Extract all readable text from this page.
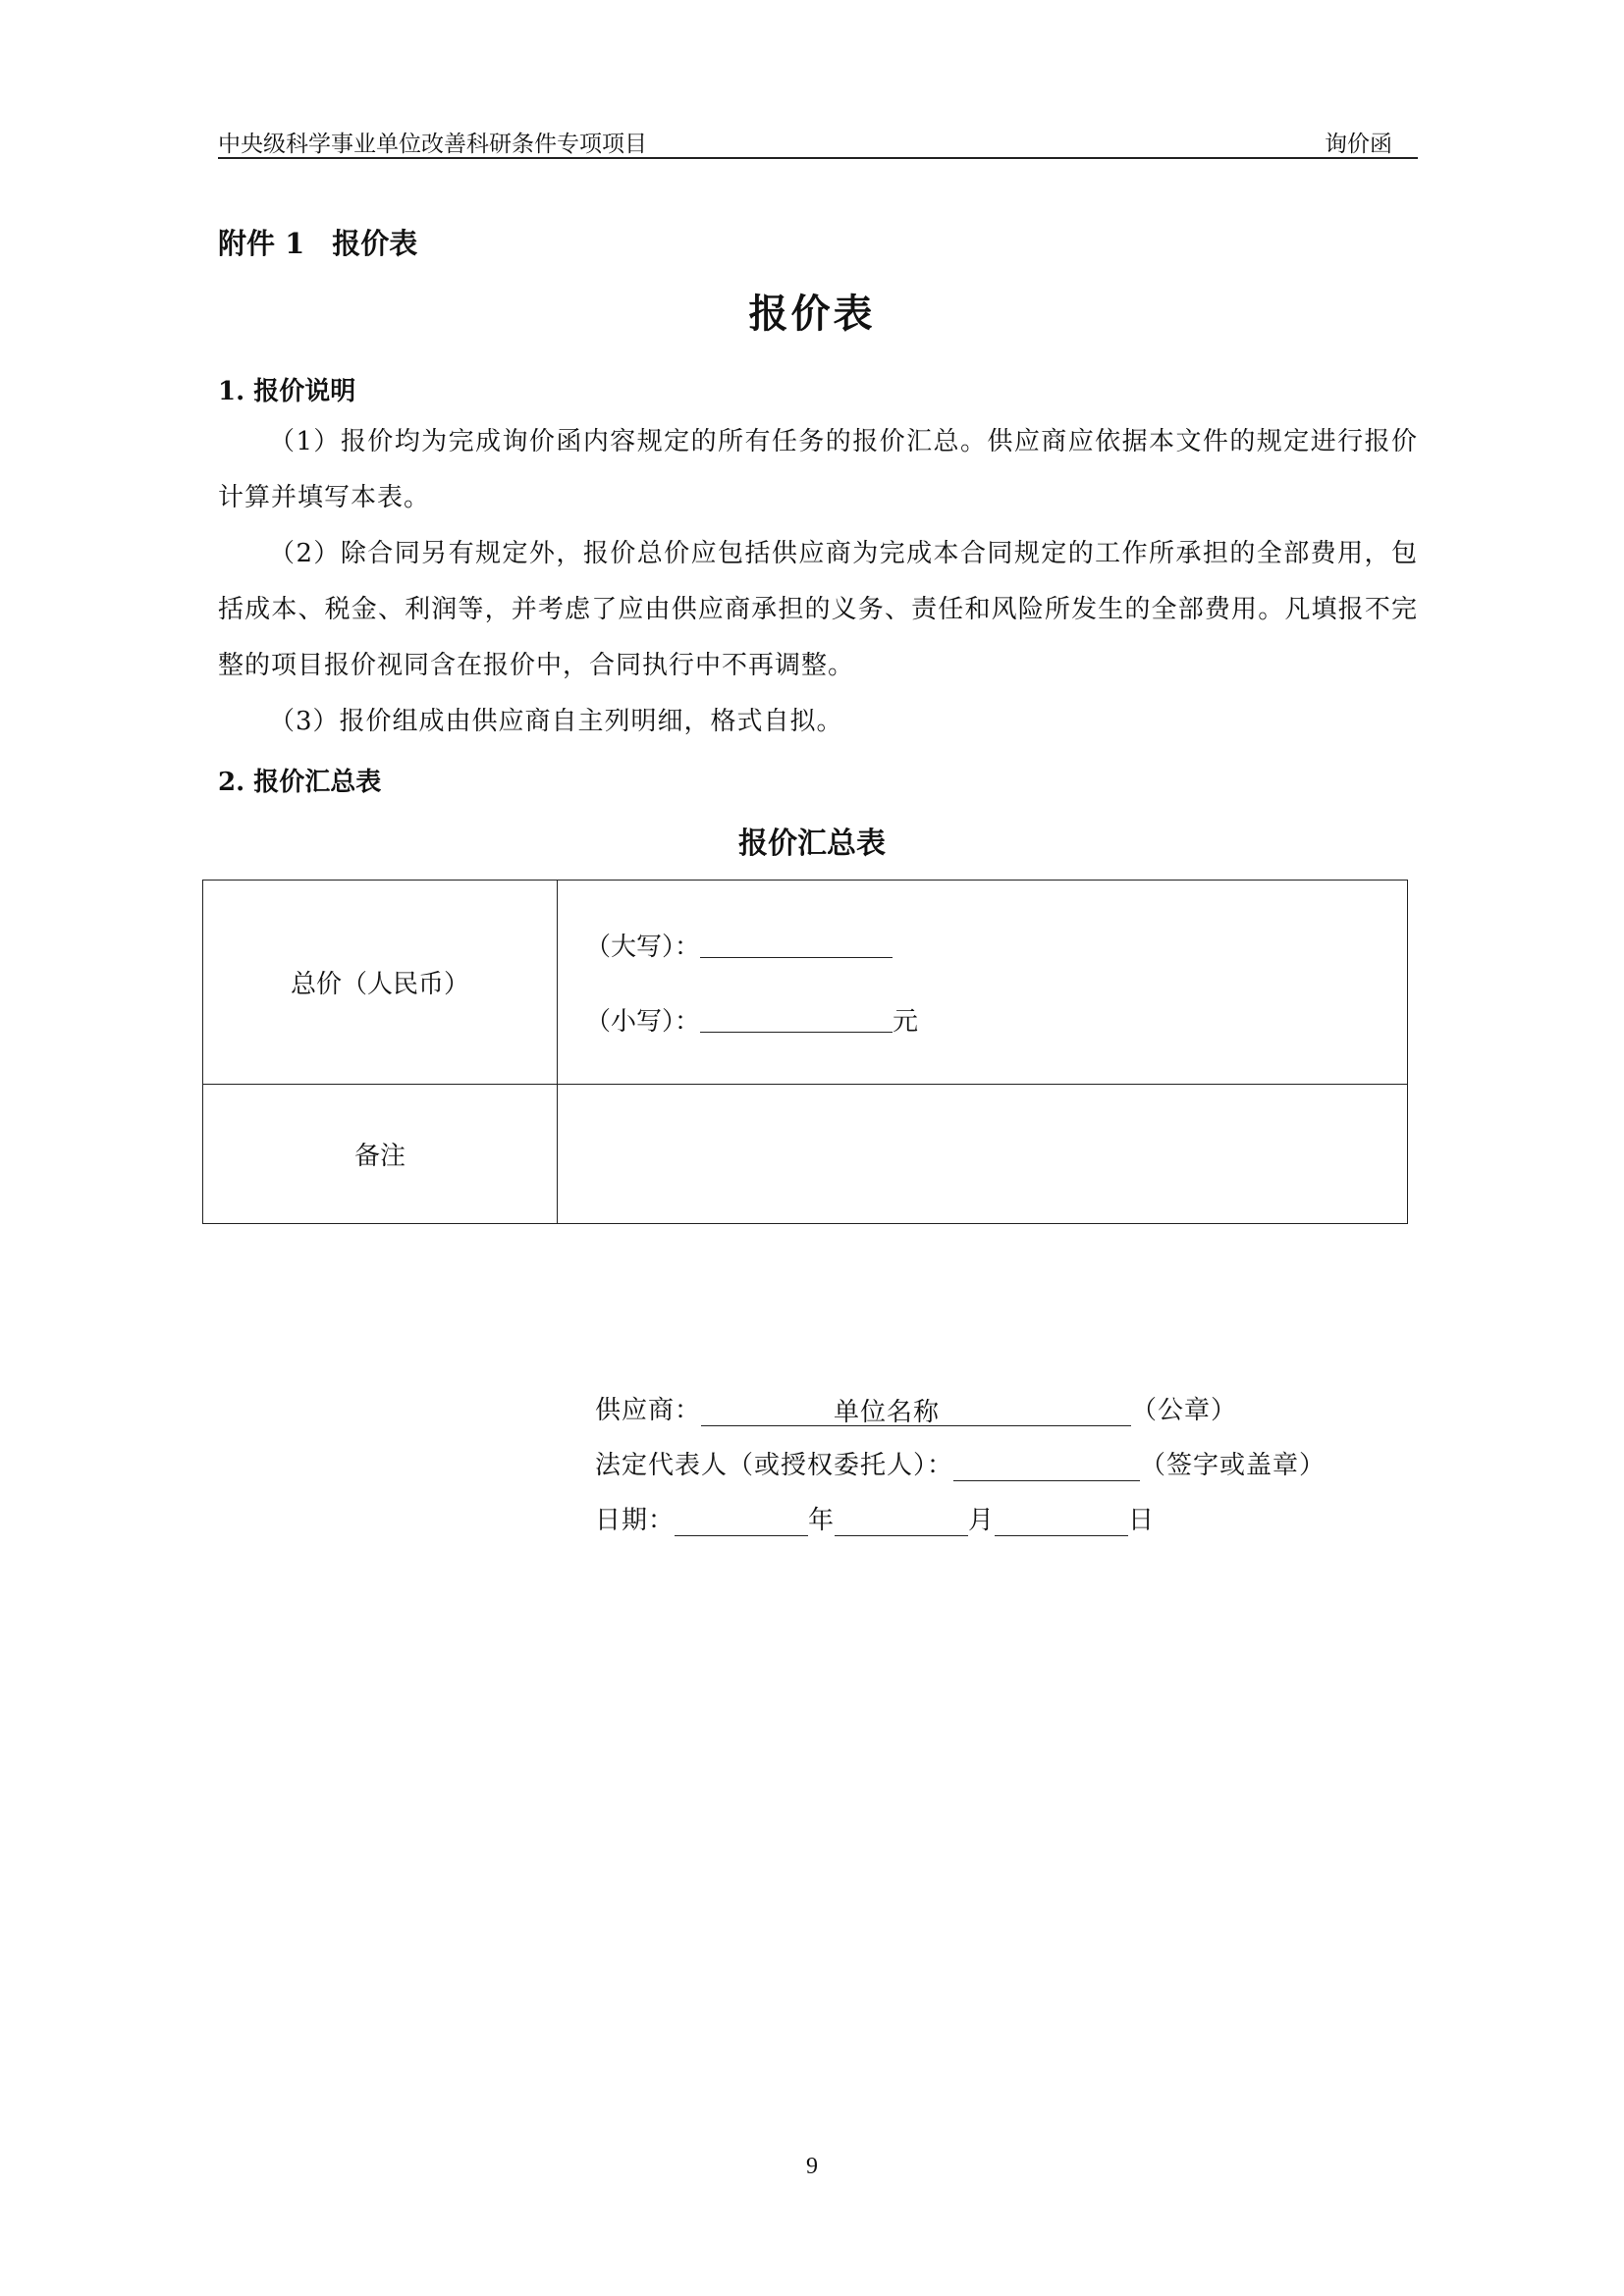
中央级科学事业单位改善科研条件专项项目	询价函
附件 1 报价表
报价表
1. 报价说明
（1）报价均为完成询价函内容规定的所有任务的报价汇总。供应商应依据本文件的规定进行报价计算并填写本表。
（2）除合同另有规定外，报价总价应包括供应商为完成本合同规定的工作所承担的全部费用，包括成本、税金、利润等，并考虑了应由供应商承担的义务、责任和风险所发生的全部费用。凡填报不完整的项目报价视同含在报价中，合同执行中不再调整。
（3）报价组成由供应商自主列明细，格式自拟。
2. 报价汇总表
报价汇总表
总价（人民币）	（大写）：
（小写）： 元

备注	
供应商：	单位名称	（公章）
法定代表人（或授权委托人）：	（签字或盖章）
日期：	年	月	日
9
